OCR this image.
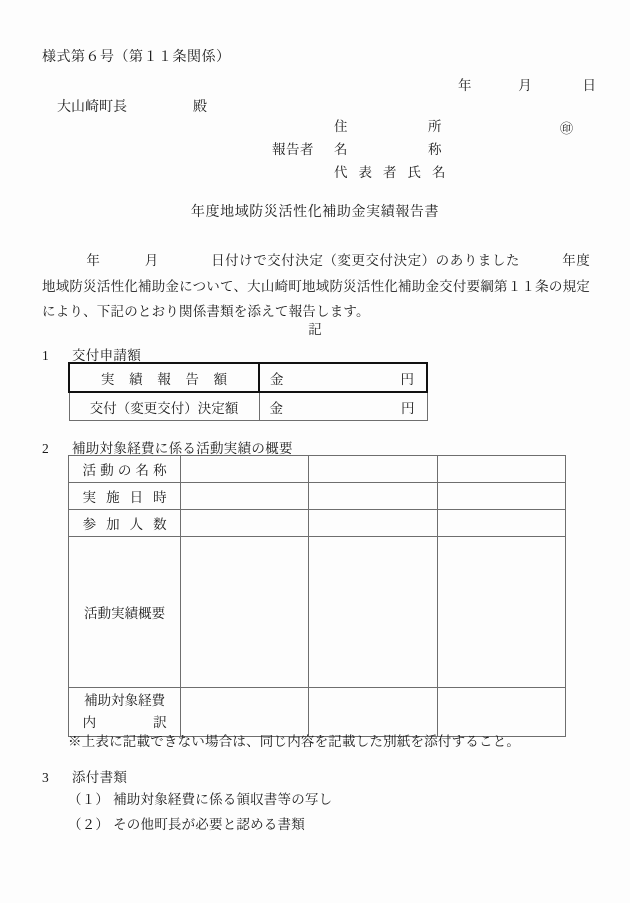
様式第６号（第１１条関係）
年	月	日
大山崎町長	殿
住所
報告者	名称
代表者氏名
㊞
年度地域防災活性化補助金実績報告書
年	月	日付けで交付決定（変更交付決定）のありました	年度地域防災活性化補助金について、大山崎町地域防災活性化補助金交付要綱第１１条の規定により、下記のとおり関係書類を添えて報告します。
記
1 交付申請額
実績報告額	金 円

交付（変更交付）決定額	金 円
2 補助対象経費に係る活動実績の概要
活動の名称			
実施日時			
参加人数			
活動実績概要			
補助対象経費
内　　　訳			
※上表に記載できない場合は、同じ内容を記載した別紙を添付すること。
3 添付書類
（１） 補助対象経費に係る領収書等の写し
（２） その他町長が必要と認める書類
